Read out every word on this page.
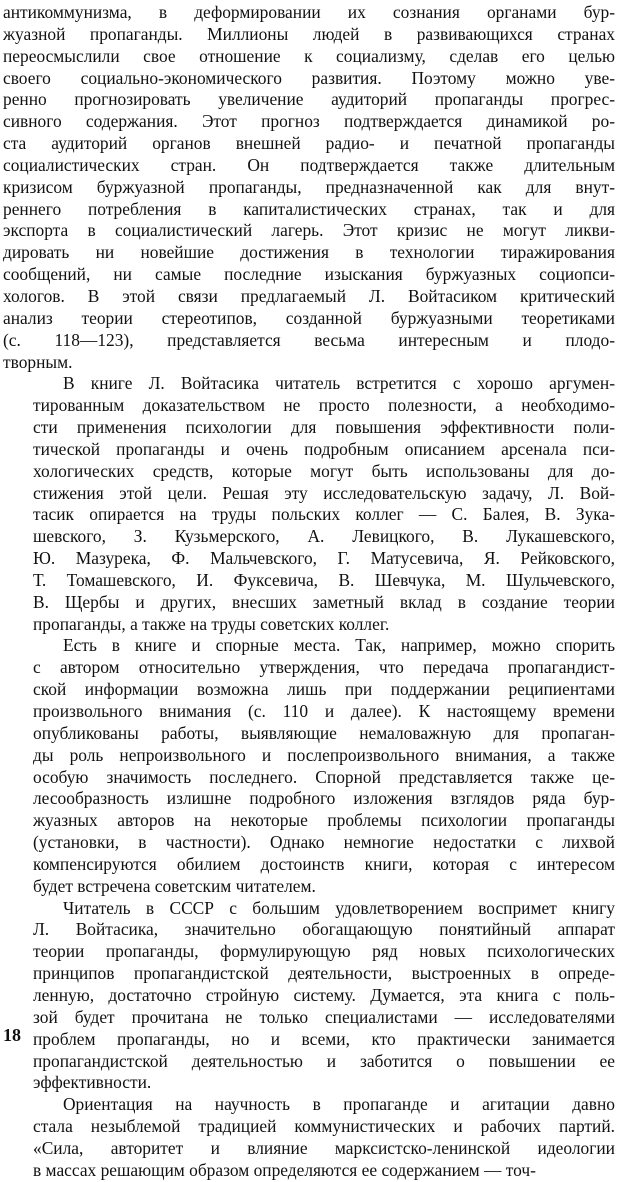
антикоммунизма, в деформировании их сознания органами бур-
жуазной пропаганды. Миллионы людей в развивающихся странах
переосмыслили свое отношение к социализму, сделав его целью
своего социально-экономического развития. Поэтому можно уве-
ренно прогнозировать увеличение аудиторий пропаганды прогрес-
сивного содержания. Этот прогноз подтверждается динамикой ро-
ста аудиторий органов внешней радио- и печатной пропаганды
социалистических стран. Он подтверждается также длительным
кризисом буржуазной пропаганды, предназначенной как для внут-
реннего потребления в капиталистических странах, так и для
экспорта в социалистический лагерь. Этот кризис не могут ликви-
дировать ни новейшие достижения в технологии тиражирования
сообщений, ни самые последние изыскания буржуазных социопси-
хологов. В этой связи предлагаемый Л. Войтасиком критический
анализ теории стереотипов, созданной буржуазными теоретиками
(с. 118—123), представляется весьма интересным и плодо-
творным.

В книге Л. Войтасика читатель встретится с хорошо аргумен-
тированным доказательством не просто полезности, а необходимо-
сти применения психологии для повышения эффективности поли-
тической пропаганды и очень подробным описанием арсенала пси-
хологических средств, которые могут быть использованы для до-
стижения этой цели. Решая эту исследовательскую задачу, Л. Вой-
тасик опирается на труды польских коллег — С. Балея, В. Зука-
шевского, З. Кузьмерского, А. Левицкого, В. Лукашевского,
Ю. Мазурека, Ф. Мальчевского, Г. Матусевича, Я. Рейковского,
Т. Томашевского, И. Фуксевича, В. Шевчука, М. Шульчевского,
В. Щербы и других, внесших заметный вклад в создание теории
пропаганды, а также на труды советских коллег.

Есть в книге и спорные места. Так, например, можно спорить
с автором относительно утверждения, что передача пропагандист-
ской информации возможна лишь при поддержании реципиентами
произвольного внимания (с. 110 и далее). К настоящему времени
опубликованы работы, выявляющие немаловажную для пропаган-
ды роль непроизвольного и послепроизвольного внимания, а также
особую значимость последнего. Спорной представляется также це-
лесообразность излишне подробного изложения взглядов ряда бур-
жуазных авторов на некоторые проблемы психологии пропаганды
(установки, в частности). Однако немногие недостатки с лихвой
компенсируются обилием достоинств книги, которая с интересом
будет встречена советским читателем.

Читатель в СССР с большим удовлетворением воспримет книгу
Л. Войтасика, значительно обогащающую понятийный аппарат
теории пропаганды, формулирующую ряд новых психологических
принципов пропагандистской деятельности, выстроенных в опреде-
ленную, достаточно стройную систему. Думается, эта книга с поль-
зой будет прочитана не только специалистами — исследователями
проблем пропаганды, но и всеми, кто практически занимается
пропагандистской деятельностью и заботится о повышении ее
эффективности.

Ориентация на научность в пропаганде и агитации давно
стала незыблемой традицией коммунистических и рабочих партий.
«Сила, авторитет и влияние марксистско-ленинской идеологии
в массах решающим образом определяются ее содержанием — точ-

18
